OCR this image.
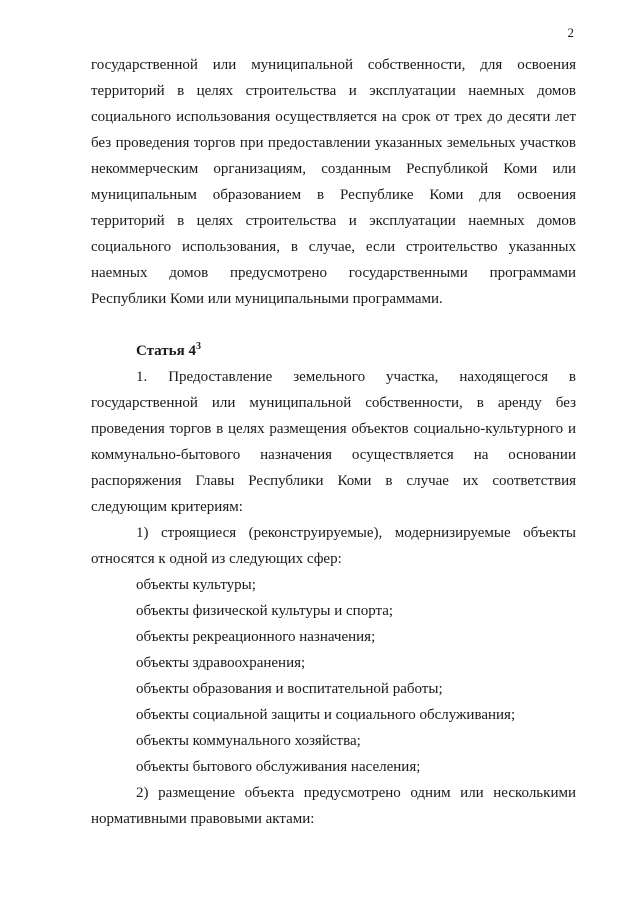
2

государственной или муниципальной собственности, для освоения территорий в целях строительства и эксплуатации наемных домов социального использования осуществляется на срок от трех до десяти лет без проведения торгов при предоставлении указанных земельных участков некоммерческим организациям, созданным Республикой Коми или муниципальным образованием в Республике Коми для освоения территорий в целях строительства и эксплуатации наемных домов социального использования, в случае, если строительство указанных наемных домов предусмотрено государственными программами Республики Коми или муниципальными программами.

Статья $4^3$

1. Предоставление земельного участка, находящегося в государственной или муниципальной собственности, в аренду без проведения торгов в целях размещения объектов социально-культурного и коммунально-бытового назначения осуществляется на основании распоряжения Главы Республики Коми в случае их соответствия следующим критериям:

1) строящиеся (реконструируемые), модернизируемые объекты относятся к одной из следующих сфер:

объекты культуры;

объекты физической культуры и спорта;

объекты рекреационного назначения;

объекты здравоохранения;

объекты образования и воспитательной работы;

объекты социальной защиты и социального обслуживания;

объекты коммунального хозяйства;

объекты бытового обслуживания населения;

2) размещение объекта предусмотрено одним или несколькими нормативными правовыми актами:
